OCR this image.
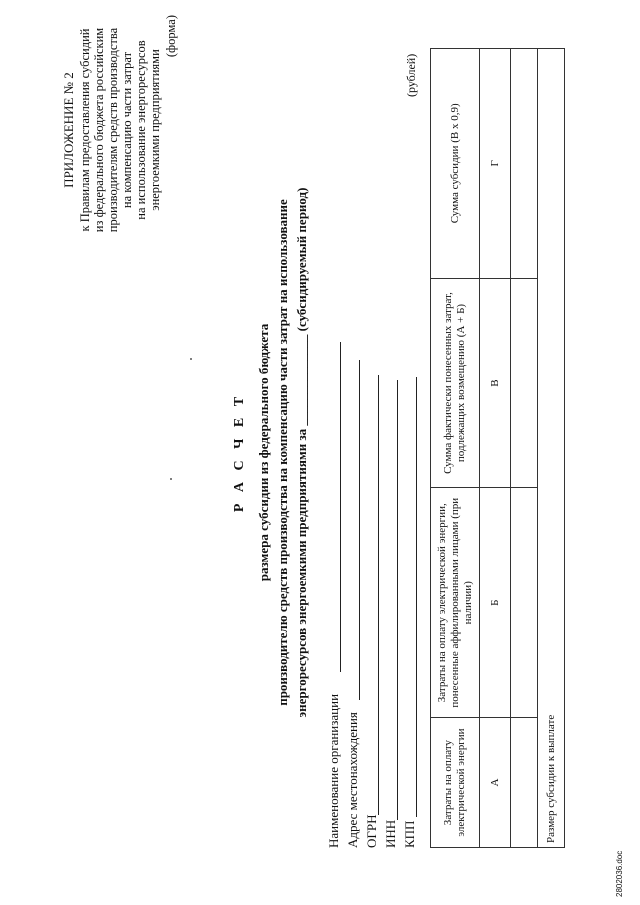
ПРИЛОЖЕНИЕ № 2 к Правилам предоставления субсидий из федерального бюджета российским производителям средств производства на компенсацию части затрат на использование энергоресурсов энергоемкими предприятиями
(форма)
Р А С Ч Е Т размера субсидии из федерального бюджета производителю средств производства на компенсацию части затрат на использование энергоресурсов энергоемкими предприятиями за ______________ (субсидируемый период)
Наименование организации Адрес местонахождения ОГРН ИНН КПП
(рублей)
Затраты на оплату электрической энергии	Затраты на оплату электрической энергии, понесенные аффилированными лицами (при наличии)	Сумма фактически понесенных затрат, подлежащих возмещению (А + Б)	Сумма субсидии (В х 0,9)
А	Б	В	Г

Размер субсидии к выплате			
2802036.doc
